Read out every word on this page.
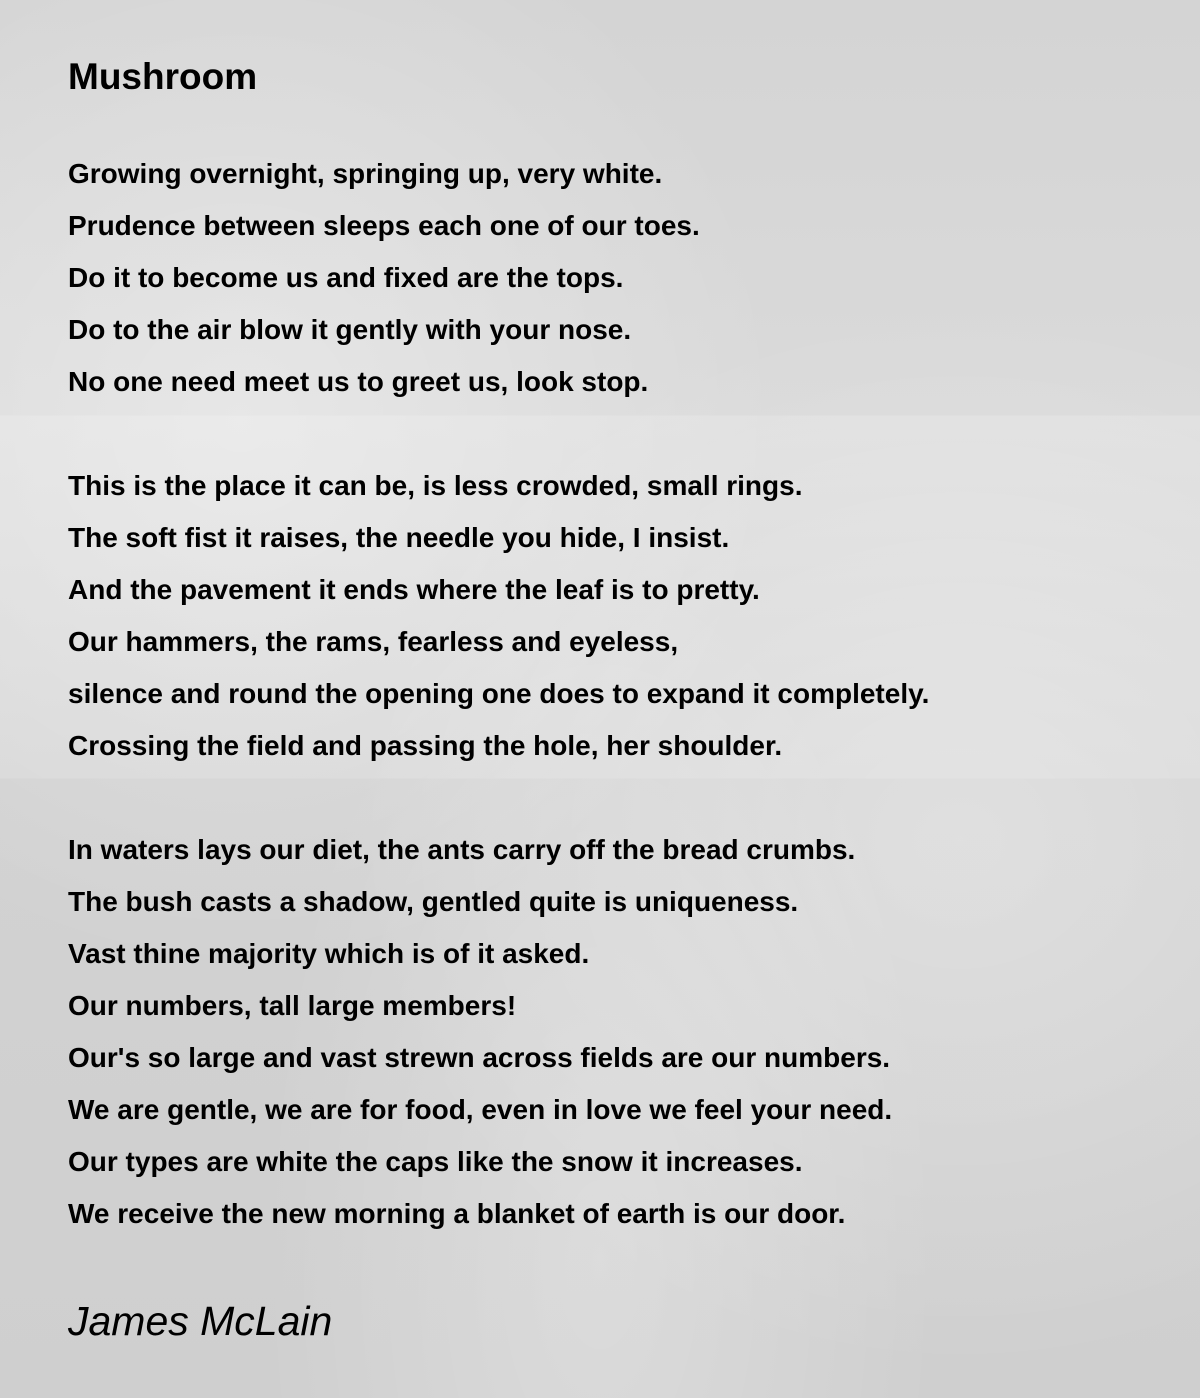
Mushroom
Growing overnight, springing up, very white.
Prudence between sleeps each one of our toes.
Do it to become us and fixed are the tops.
Do to the air blow it gently with your nose.
No one need meet us to greet us, look stop.
This is the place it can be, is less crowded, small rings.
The soft fist it raises, the needle you hide, I insist.
And the pavement it ends where the leaf is to pretty.
Our hammers, the rams, fearless and eyeless,
silence and round the opening one does to expand it completely.
Crossing the field and passing the hole, her shoulder.
In waters lays our diet, the ants carry off the bread crumbs.
The bush casts a shadow, gentled quite is uniqueness.
Vast thine majority which is of it asked.
Our numbers, tall large members!
Our's so large and vast strewn across fields are our numbers.
We are gentle, we are for food, even in love we feel your need.
Our types are white the caps like the snow it increases.
We receive the new morning a blanket of earth is our door.
James McLain
